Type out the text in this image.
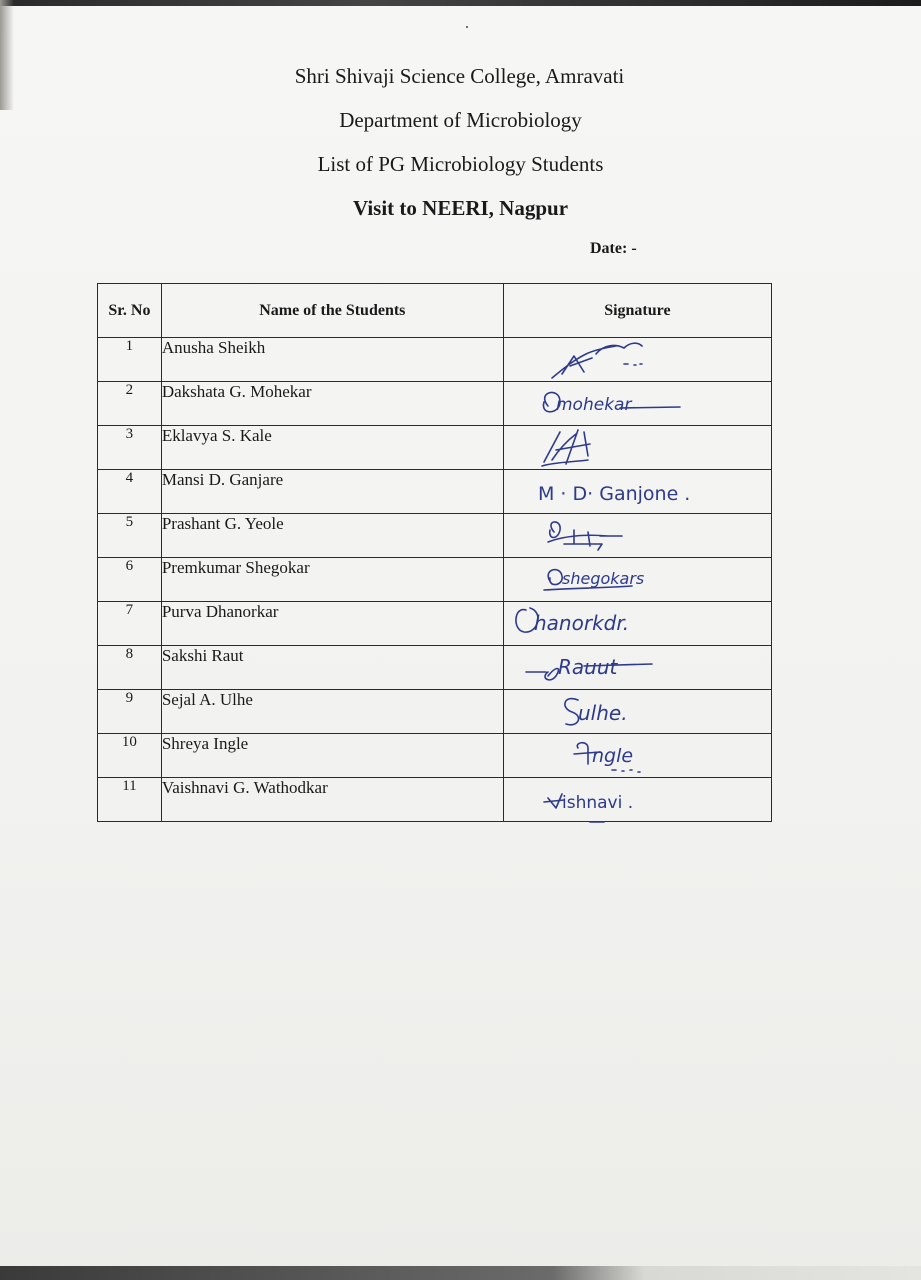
Shri Shivaji Science College, Amravati

Department of Microbiology

List of PG Microbiology Students

Visit to NEERI, Nagpur

Date: -
Sr. No	Name of the Students	Signature
1	Anusha Sheikh	

2	Dakshata G. Mohekar	mohekar

3	Eklavya S. Kale	

4	Mansi D. Ganjare	M · D· Ganjone .

5	Prashant G. Yeole	

6	Premkumar Shegokar	shegokars

7	Purva Dhanorkar	hanorkdr.

8	Sakshi Raut	Rauut

9	Sejal A. Ulhe	ulhe.

10	Shreya Ingle	ngle

11	Vaishnavi G. Wathodkar	ishnavi .
